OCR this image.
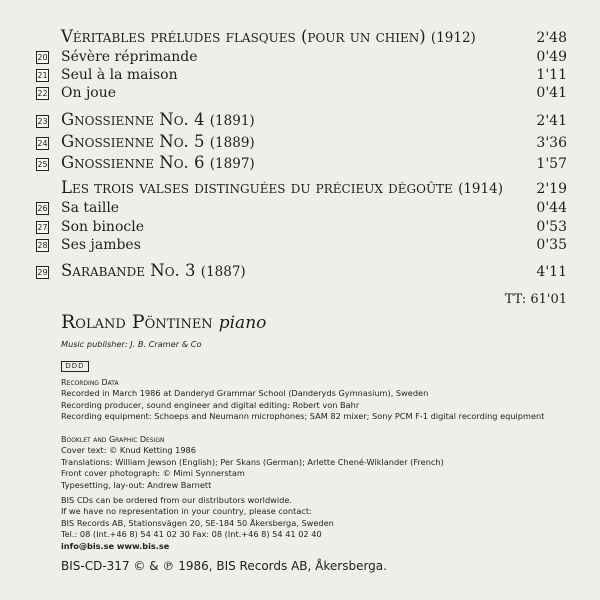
Véritables préludes flasques (pour un chien) (1912)	2'48
20 Sévère réprimande	0'49
21 Seul à la maison	1'11
22 On joue	0'41
23 Gnossienne No. 4 (1891)	2'41
24 Gnossienne No. 5 (1889)	3'36
25 Gnossienne No. 6 (1897)	1'57
Les trois valses distinguées du précieux dégoûte (1914) 2'19
26 Sa taille	0'44
27 Son binocle	0'53
28 Ses jambes	0'35
29 Sarabande No. 3 (1887)	4'11
TT: 61'01
Roland Pöntinen piano
Music publisher: J. B. Cramer & Co
DDD
Recording Data
Recorded in March 1986 at Danderyd Grammar School (Danderyds Gymnasium), Sweden
Recording producer, sound engineer and digital editing: Robert von Bahr
Recording equipment: Schoeps and Neumann microphones; SAM 82 mixer; Sony PCM F-1 digital recording equipment
Booklet and Graphic Design
Cover text: © Knud Ketting 1986
Translations: William Jewson (English); Per Skans (German); Arlette Chené-Wiklander (French)
Front cover photograph: © Mimi Synnerstam
Typesetting, lay-out: Andrew Barnett
BIS CDs can be ordered from our distributors worldwide.
If we have no representation in your country, please contact:
BIS Records AB, Stationsvägen 20, SE-184 50 Åkersberga, Sweden
Tel.: 08 (Int.+46 8) 54 41 02 30 Fax: 08 (Int.+46 8) 54 41 02 40
info@bis.se www.bis.se
BIS-CD-317 © & ℗ 1986, BIS Records AB, Åkersberga.
